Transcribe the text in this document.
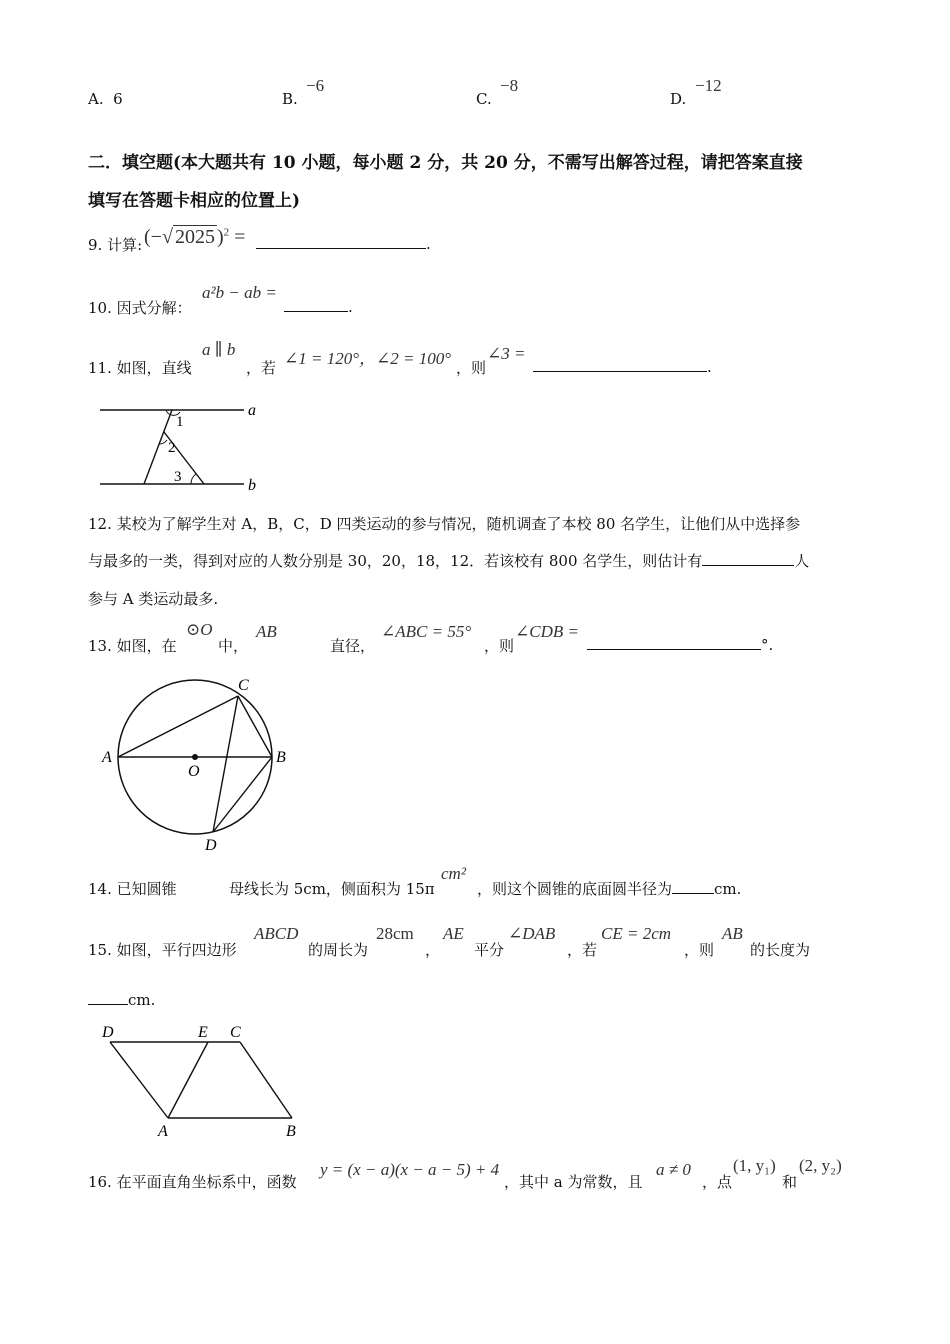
A. 6	B.
−6
C.
−8
D.
−12
二．填空题(本大题共有 10 小题，每小题 2 分，共 20 分，不需写出解答过程，请把答案直接
填写在答题卡相应的位置上)
9. 计算: (−√ 2025 )$^2$ =	.
10. 因式分解：
a²b − ab =
.
11. 如图，直线
a ∥ b
，若 ∠1 = 120°，∠2 = 100° ，则
∠3 =
.
a
b
1
2
3
12. 某校为了解学生对 A，B，C，D 四类运动的参与情况，随机调查了本校 80 名学生，让他们从中选择参
与最多的一类，得到对应的人数分别是 30，20，18，12．若该校有 800 名学生，则估计有	人
参与 A 类运动最多.
13. 如图，在
⊙O
中，
AB
直径，
∠ABC = 55°
，则
∠CDB =
°.
A	B
C
D
O
14. 已知圆锥	母线长为 5cm，侧面积为 15π
cm²
，则这个圆锥的底面圆半径为	cm.
15. 如图，平行四边形
ABCD
的周长为
28cm
，
AE
平分
∠DAB
，若
CE = 2cm
，则
AB
的长度为
cm.
D	E C
A	B
16. 在平面直角坐标系中，函数
y = (x − a)(x − a − 5) + 4
，其中 a 为常数，且
a ≠ 0
，点
(1, y₁)
和
(2, y₂)
